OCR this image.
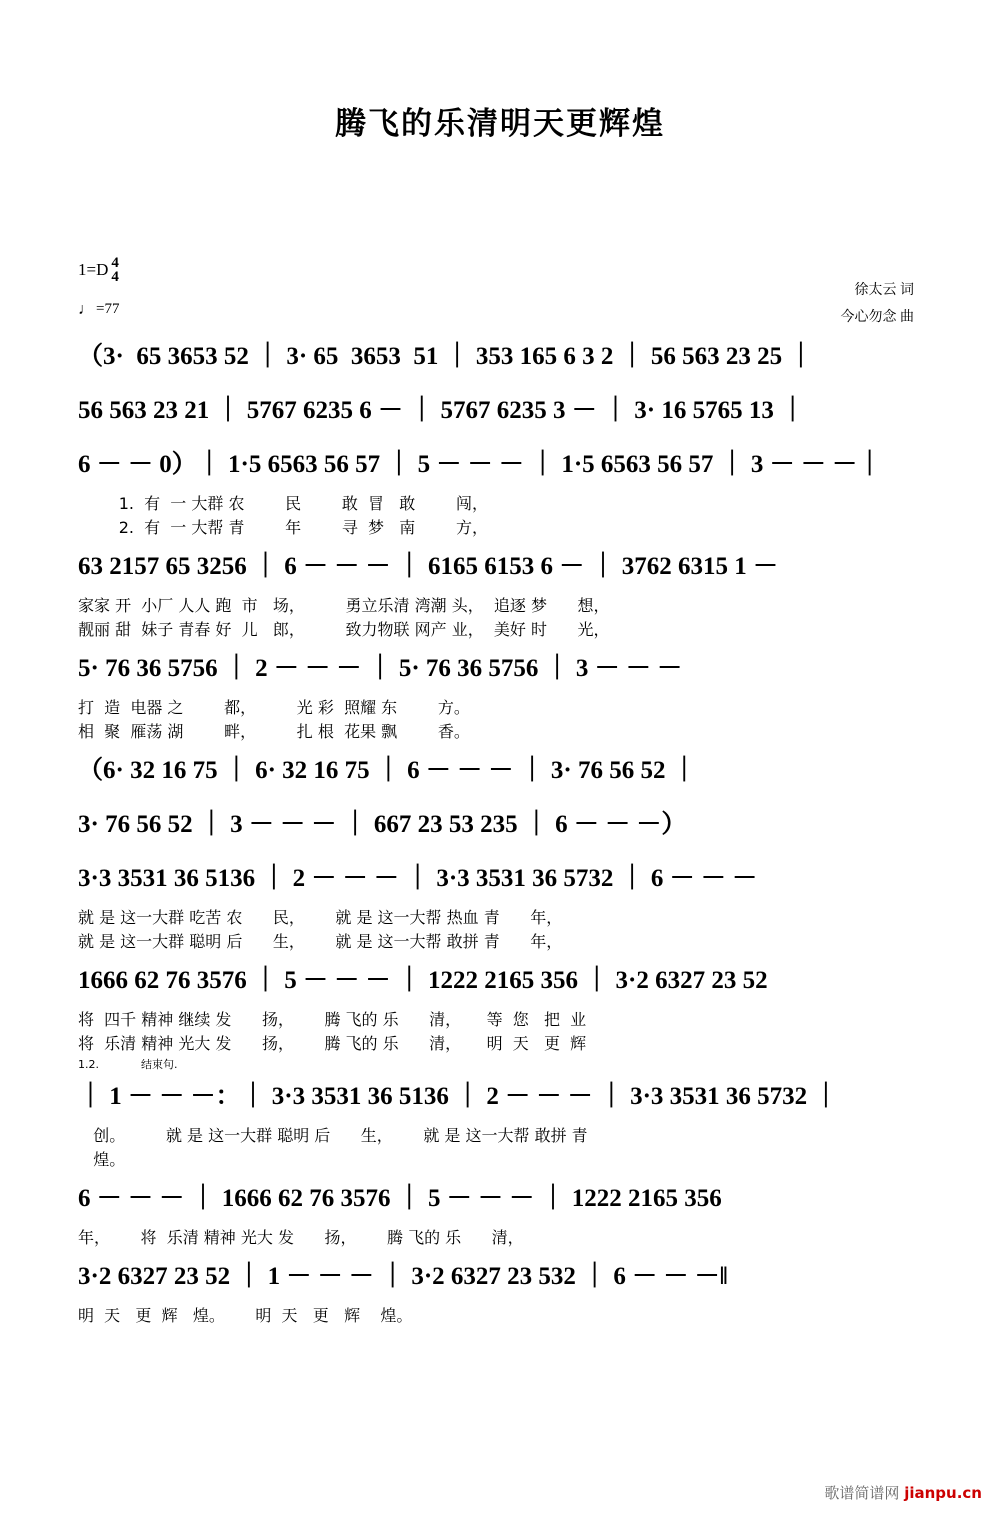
腾飞的乐清明天更辉煌
1=D 4
4
♩ =77
徐太云 词
今心勿念 曲
（3·  65 3653 52 ｜ 3· 65  3653  51 ｜ 353 165 6 3 2 ｜ 56 563 23 25 ｜
56 563 23 21 ｜ 5767 6235 6 － ｜ 5767 6235 3 － ｜ 3· 16 5765 13 ｜
6 － － 0）｜ 1·5 6563 56 57 ｜ 5 － － － ｜ 1·5 6563 56 57 ｜ 3 － － －｜
1.  有  一 大群 农        民        敢  冒   敢        闯，
2.  有  一 大帮 青        年        寻  梦   南        方，
63 2157 65 3256 ｜ 6 － － － ｜ 6165 6153 6 － ｜ 3762 6315 1 －
家家 开  小厂 人人 跑  市   场，        勇立乐清 湾潮 头，  追逐 梦      想，
靓丽 甜  妹子 青春 好  儿   郎，        致力物联 网产 业，  美好 时      光，
5· 76 36 5756 ｜ 2 － － － ｜ 5· 76 36 5756 ｜ 3 － － －
打  造  电器 之        都，        光 彩  照耀 东        方。
相  聚  雁荡 湖        畔，        扎 根  花果 飘        香。
（6· 32 16 75 ｜ 6· 32 16 75 ｜ 6 － － － ｜ 3· 76 56 52 ｜
3· 76 56 52 ｜ 3 － － － ｜ 667 23 53 235 ｜ 6 － － －）
3·3 3531 36 5136 ｜ 2 － － － ｜ 3·3 3531 36 5732 ｜ 6 － － －
就 是 这一大群 吃苦 农      民，      就 是 这一大帮 热血 青      年，
就 是 这一大群 聪明 后      生，      就 是 这一大帮 敢拼 青      年，
1666 62 76 3576 ｜ 5 － － － ｜ 1222 2165 356 ｜ 3·2 6327 23 52
将  四千 精神 继续 发      扬，      腾 飞的 乐      清，     等  您   把  业
将  乐清 精神 光大 发      扬，      腾 飞的 乐      清，     明  天   更  辉
1.2.	结束句.
｜ 1 － － －：｜ 3·3 3531 36 5136 ｜ 2 － － － ｜ 3·3 3531 36 5732 ｜
创。        就 是 这一大群 聪明 后      生，      就 是 这一大帮 敢拼 青
煌。
6 － － － ｜ 1666 62 76 3576 ｜ 5 － － － ｜ 1222 2165 356
年，      将  乐清 精神 光大 发      扬，      腾 飞的 乐      清，
3·2 6327 23 52 ｜ 1 － － － ｜ 3·2 6327 23 532 ｜ 6 － － －‖
明  天   更  辉   煌。      明  天   更   辉    煌。
歌谱简谱网 jianpu.cn
